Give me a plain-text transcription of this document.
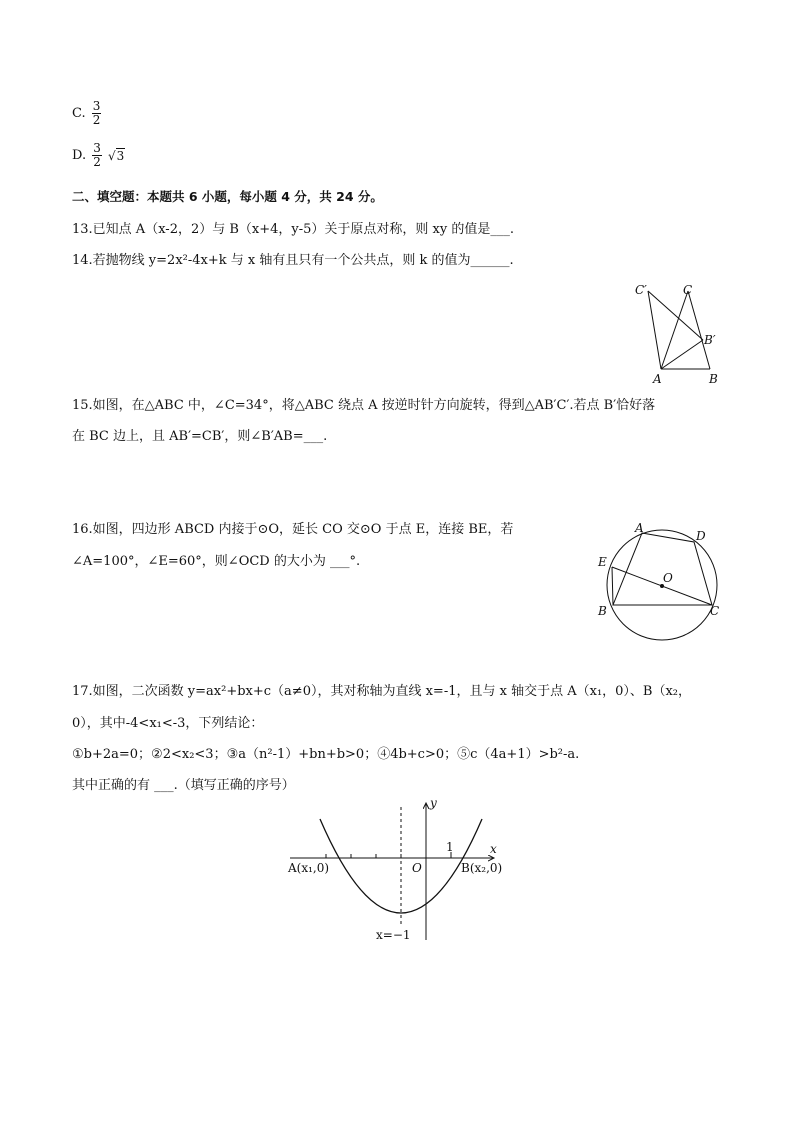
C. $\frac{3}{2}$
D. $\frac{3}{2} √3$
二、填空题：本题共 6 小题，每小题 4 分，共 24 分。
13.已知点 A（x-2，2）与 B（x+4，y-5）关于原点对称，则 xy 的值是___.
14.若抛物线 y=2x²-4x+k 与 x 轴有且只有一个公共点，则 k 的值为______.
C′	C
B′
A	B
15.如图，在△ABC 中，∠C=34°，将△ABC 绕点 A 按逆时针方向旋转，得到△AB′C′.若点 B′恰好落
在 BC 边上，且 AB′=CB′，则∠B′AB=___.
16.如图，四边形 ABCD 内接于⊙O，延长 CO 交⊙O 于点 E，连接 BE，若
∠A=100°，∠E=60°，则∠OCD 的大小为 ___°.
A
D
E
O
B	C
17.如图，二次函数 y=ax²+bx+c（a≠0），其对称轴为直线 x=-1，且与 x 轴交于点 A（x₁，0）、B（x₂，
0），其中-4<x₁<-3，下列结论：
①b+2a=0；②2<x₂<3；③a（n²-1）+bn+b>0；④4b+c>0；⑤c（4a+1）>b²-a.
其中正确的有 ___.（填写正确的序号）
y
x
1
O
A(x₁,0)	B(x₂,0)
x=−1
